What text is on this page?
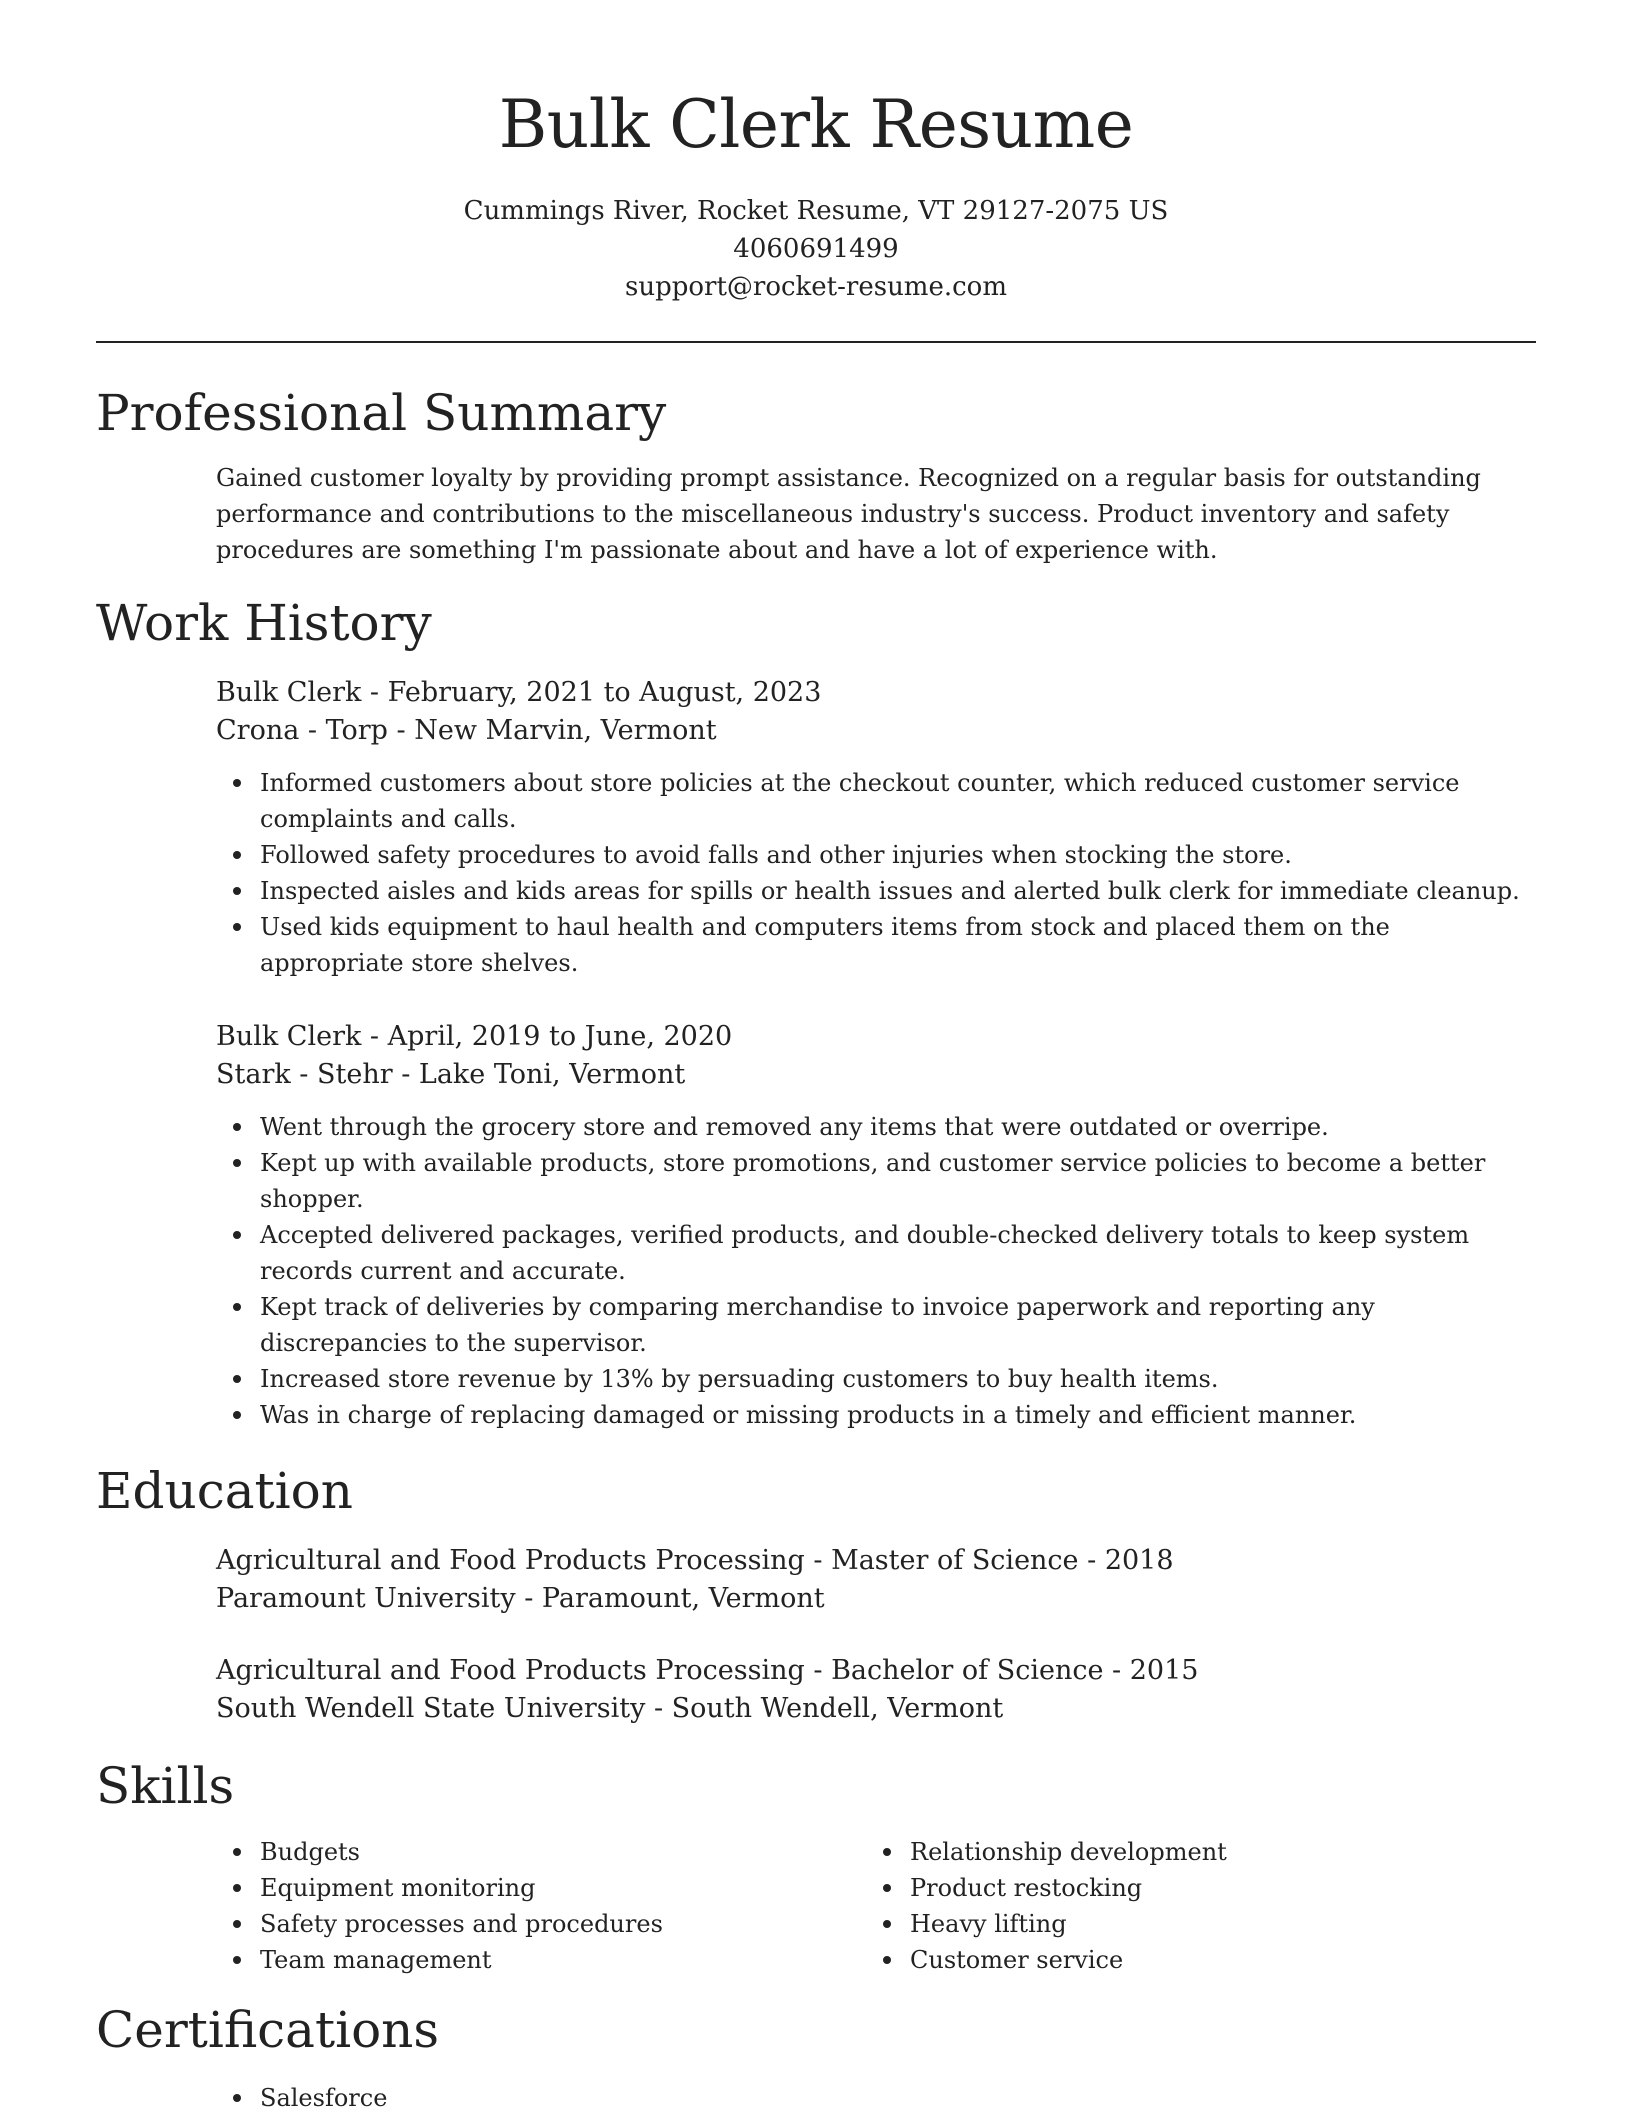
Bulk Clerk Resume
Cummings River, Rocket Resume, VT 29127-2075 US
4060691499
support@rocket-resume.com
Professional Summary

Gained customer loyalty by providing prompt assistance. Recognized on a regular basis for outstanding performance and contributions to the miscellaneous industry's success. Product inventory and safety procedures are something I'm passionate about and have a lot of experience with.

Work History
Bulk Clerk - February, 2021 to August, 2023
Crona - Torp - New Marvin, Vermont
Informed customers about store policies at the checkout counter, which reduced customer service complaints and calls.
Followed safety procedures to avoid falls and other injuries when stocking the store.
Inspected aisles and kids areas for spills or health issues and alerted bulk clerk for immediate cleanup.
Used kids equipment to haul health and computers items from stock and placed them on the appropriate store shelves.
Bulk Clerk - April, 2019 to June, 2020
Stark - Stehr - Lake Toni, Vermont
Went through the grocery store and removed any items that were outdated or overripe.
Kept up with available products, store promotions, and customer service policies to become a better shopper.
Accepted delivered packages, verified products, and double-checked delivery totals to keep system records current and accurate.
Kept track of deliveries by comparing merchandise to invoice paperwork and reporting any discrepancies to the supervisor.
Increased store revenue by 13% by persuading customers to buy health items.
Was in charge of replacing damaged or missing products in a timely and efficient manner.
Education
Agricultural and Food Products Processing - Master of Science - 2018
Paramount University - Paramount, Vermont
Agricultural and Food Products Processing - Bachelor of Science - 2015
South Wendell State University - South Wendell, Vermont
Skills
Budgets
Equipment monitoring
Safety processes and procedures
Team management
Relationship development
Product restocking
Heavy lifting
Customer service
Certifications
Salesforce
